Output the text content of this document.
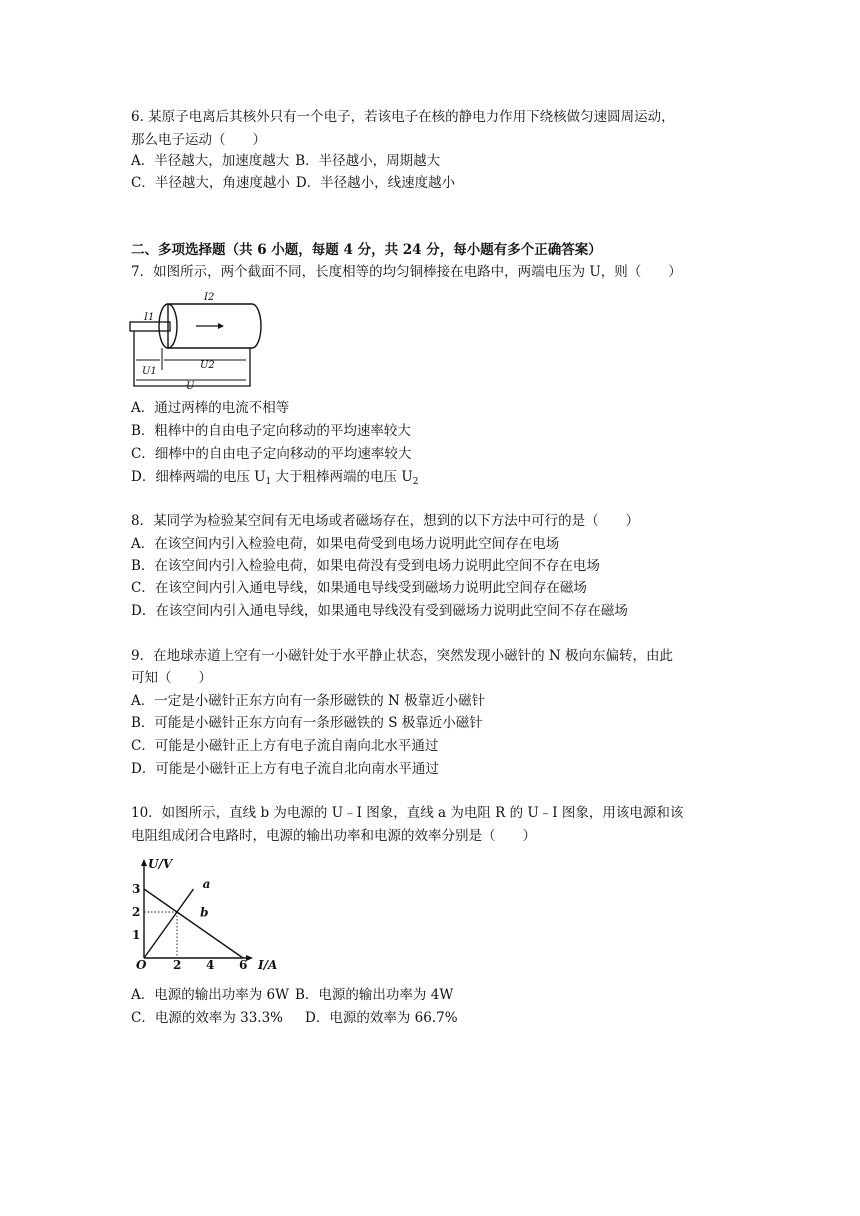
6. 某原子电离后其核外只有一个电子，若该电子在核的静电力作用下绕核做匀速圆周运动，
那么电子运动（　　）
A．半径越大，加速度越大 B．半径越小，周期越大
C．半径越大，角速度越小 D．半径越小，线速度越小
二、多项选择题（共 6 小题，每题 4 分，共 24 分，每小题有多个正确答案）
7．如图所示，两个截面不同，长度相等的均匀铜棒接在电路中，两端电压为 U，则（　　）
I1
I2
U1
U2
U
A．通过两棒的电流不相等
B．粗棒中的自由电子定向移动的平均速率较大
C．细棒中的自由电子定向移动的平均速率较大
D．细棒两端的电压 $U_1$ 大于粗棒两端的电压 $U_2$
8．某同学为检验某空间有无电场或者磁场存在，想到的以下方法中可行的是（　　）
A．在该空间内引入检验电荷，如果电荷受到电场力说明此空间存在电场
B．在该空间内引入检验电荷，如果电荷没有受到电场力说明此空间不存在电场
C．在该空间内引入通电导线，如果通电导线受到磁场力说明此空间存在磁场
D．在该空间内引入通电导线，如果通电导线没有受到磁场力说明此空间不存在磁场
9．在地球赤道上空有一小磁针处于水平静止状态，突然发现小磁针的 N 极向东偏转，由此
可知（　　）
A．一定是小磁针正东方向有一条形磁铁的 N 极靠近小磁针
B．可能是小磁针正东方向有一条形磁铁的 S 极靠近小磁针
C．可能是小磁针正上方有电子流自南向北水平通过
D．可能是小磁针正上方有电子流自北向南水平通过
10．如图所示，直线 b 为电源的 U﹣I 图象，直线 a 为电阻 R 的 U﹣I 图象，用该电源和该
电阻组成闭合电路时，电源的输出功率和电源的效率分别是（　　）
3
2
1
2 4 6
a
b
U/V
I/A
O
A．电源的输出功率为 6W B．电源的输出功率为 4W
C．电源的效率为 33.3% D．电源的效率为 66.7%
